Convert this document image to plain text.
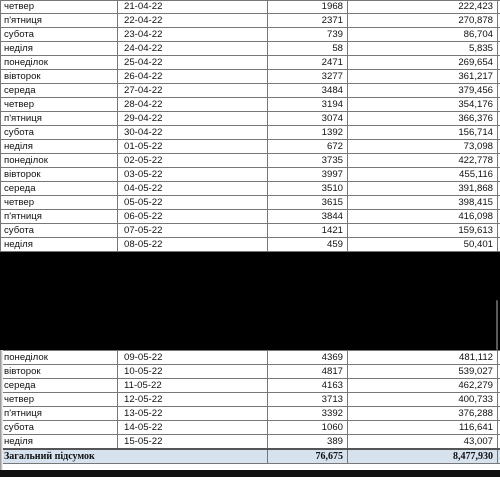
четвер	21-04-22	1968	222,423	
п'ятниця	22-04-22	2371	270,878	
субота	23-04-22	739	86,704	
неділя	24-04-22	58	5,835	
понеділок	25-04-22	2471	269,654	
вівторок	26-04-22	3277	361,217	
середа	27-04-22	3484	379,456	
четвер	28-04-22	3194	354,176	
п'ятниця	29-04-22	3074	366,376	
субота	30-04-22	1392	156,714	
неділя	01-05-22	672	73,098	
понеділок	02-05-22	3735	422,778	
вівторок	03-05-22	3997	455,116	
середа	04-05-22	3510	391,868	
четвер	05-05-22	3615	398,415	
п'ятниця	06-05-22	3844	416,098	
субота	07-05-22	1421	159,613	
неділя	08-05-22	459	50,401	
понеділок	09-05-22	4369	481,112	
вівторок	10-05-22	4817	539,027	
середа	11-05-22	4163	462,279	
четвер	12-05-22	3713	400,733	
п'ятниця	13-05-22	3392	376,288	
субота	14-05-22	1060	116,641	
неділя	15-05-22	389	43,007	
Загальний підсумок		76,675	8,477,930	
